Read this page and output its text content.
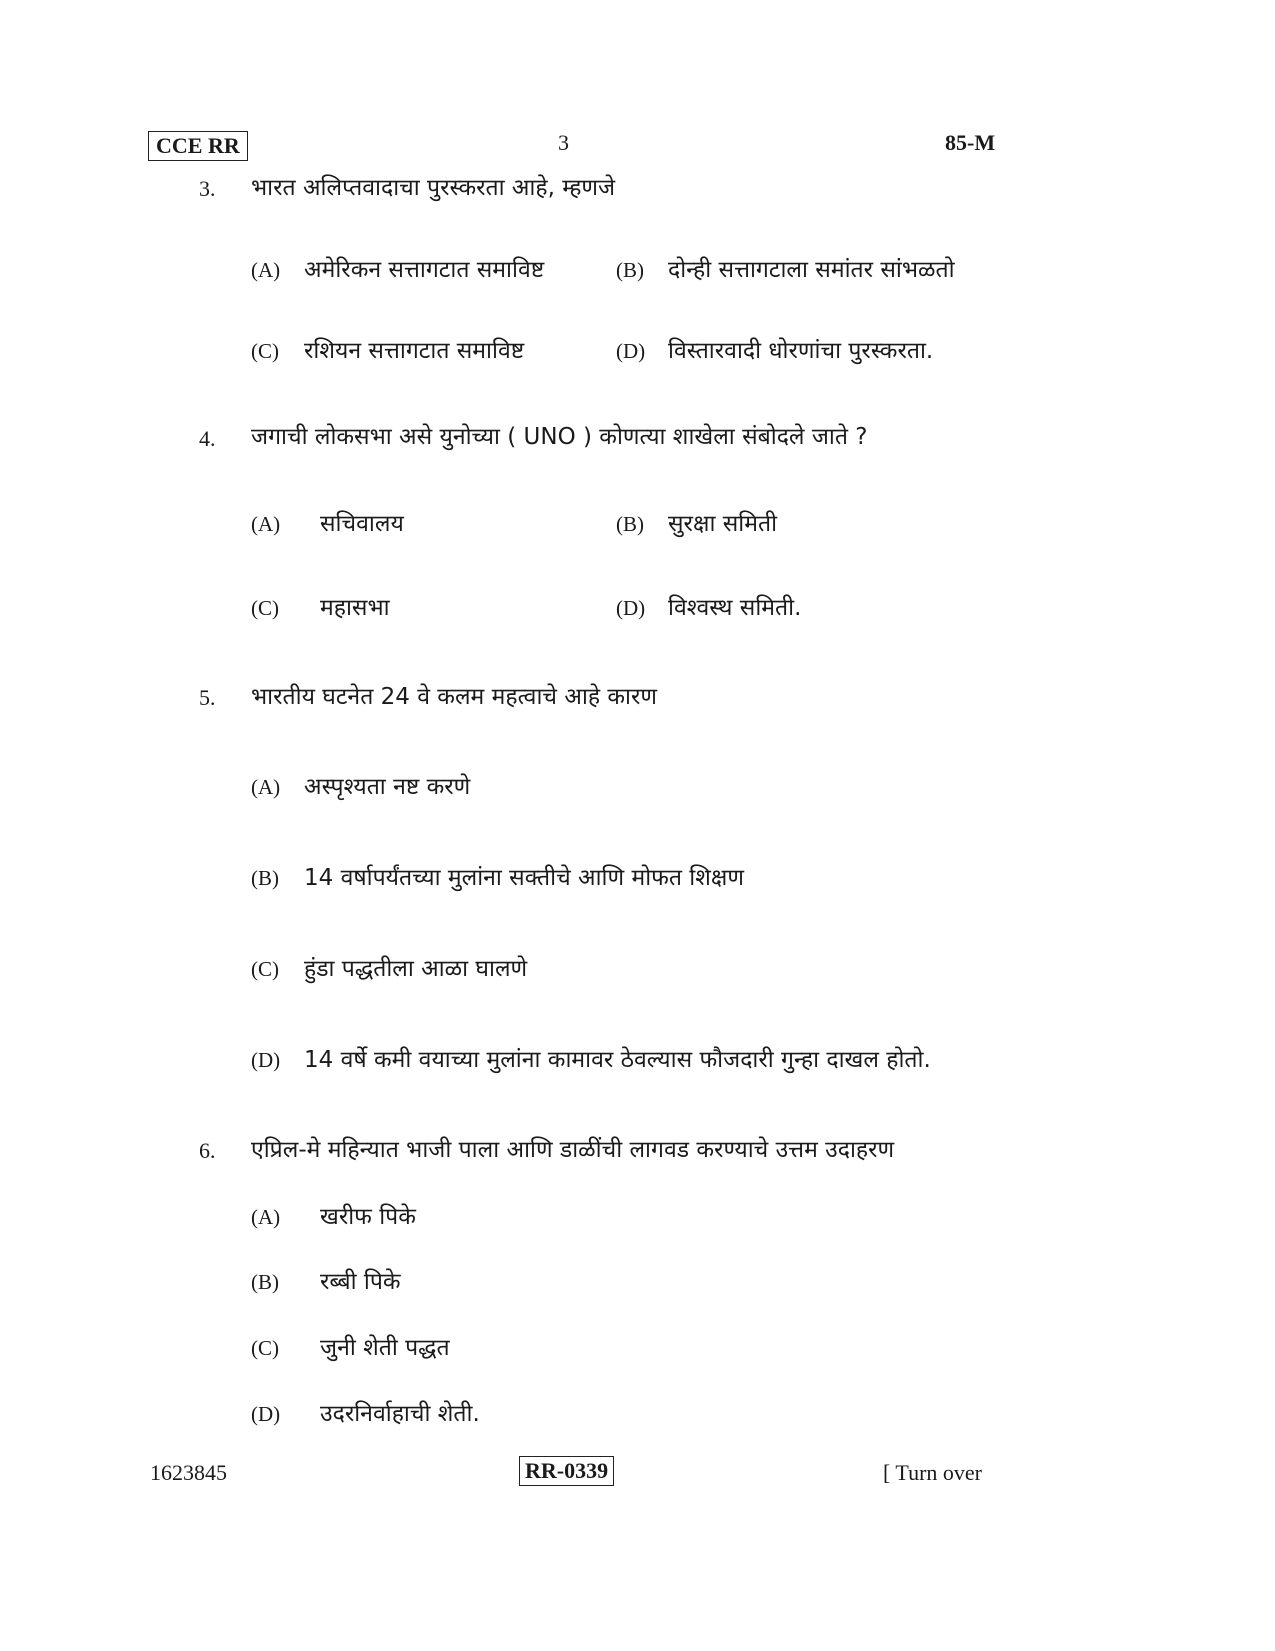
CCE RR	3	85-M
3. भारत अलिप्तवादाचा पुरस्करता आहे, म्हणजे
(A) अमेरिकन सत्तागटात समाविष्ट	(B) दोन्ही सत्तागटाला समांतर सांभळतो
(C) रशियन सत्तागटात समाविष्ट	(D) विस्तारवादी धोरणांचा पुरस्करता.
4. जगाची लोकसभा असे युनोच्या ( UNO ) कोणत्या शाखेला संबोदले जाते ?
(A) सचिवालय	(B) सुरक्षा समिती
(C) महासभा	(D) विश्वस्थ समिती.
5. भारतीय घटनेत 24 वे कलम महत्वाचे आहे कारण
(A) अस्पृश्यता नष्ट करणे
(B) 14 वर्षापर्यंतच्या मुलांना सक्तीचे आणि मोफत शिक्षण
(C) हुंडा पद्धतीला आळा घालणे
(D) 14 वर्षे कमी वयाच्या मुलांना कामावर ठेवल्यास फौजदारी गुन्हा दाखल होतो.
6. एप्रिल-मे महिन्यात भाजी पाला आणि डाळींची लागवड करण्याचे उत्तम उदाहरण
(A) खरीफ पिके
(B) रब्बी पिके
(C) जुनी शेती पद्धत
(D) उदरनिर्वाहाची शेती.
1623845	RR-0339	[ Turn over
